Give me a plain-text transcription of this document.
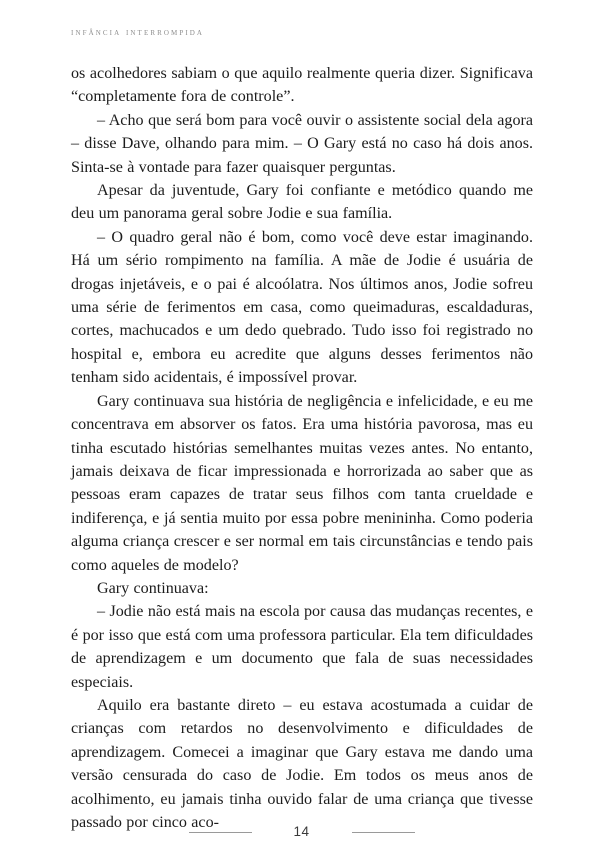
infância interrompida

os acolhedores sabiam o que aquilo realmente queria dizer. Significava “completamente fora de controle”.

– Acho que será bom para você ouvir o assistente social dela agora – disse Dave, olhando para mim. – O Gary está no caso há dois anos. Sinta-se à vontade para fazer quaisquer perguntas.

Apesar da juventude, Gary foi confiante e metódico quando me deu um panorama geral sobre Jodie e sua família.

– O quadro geral não é bom, como você deve estar imaginando. Há um sério rompimento na família. A mãe de Jodie é usuária de drogas injetáveis, e o pai é alcoólatra. Nos últimos anos, Jodie sofreu uma série de ferimentos em casa, como queimaduras, escaldaduras, cortes, machucados e um dedo quebrado. Tudo isso foi registrado no hospital e, embora eu acredite que alguns desses ferimentos não tenham sido acidentais, é impossível provar.

Gary continuava sua história de negligência e infelicidade, e eu me concentrava em absorver os fatos. Era uma história pavorosa, mas eu tinha escutado histórias semelhantes muitas vezes antes. No entanto, jamais deixava de ficar impressionada e horrorizada ao saber que as pessoas eram capazes de tratar seus filhos com tanta crueldade e indiferença, e já sentia muito por essa pobre menininha. Como poderia alguma criança crescer e ser normal em tais circunstâncias e tendo pais como aqueles de modelo?

Gary continuava:

– Jodie não está mais na escola por causa das mudanças recentes, e é por isso que está com uma professora particular. Ela tem dificuldades de aprendizagem e um documento que fala de suas necessidades especiais.

Aquilo era bastante direto – eu estava acostumada a cuidar de crianças com retardos no desenvolvimento e dificuldades de aprendizagem. Comecei a imaginar que Gary estava me dando uma versão censurada do caso de Jodie. Em todos os meus anos de acolhimento, eu jamais tinha ouvido falar de uma criança que tivesse passado por cinco aco-

14
